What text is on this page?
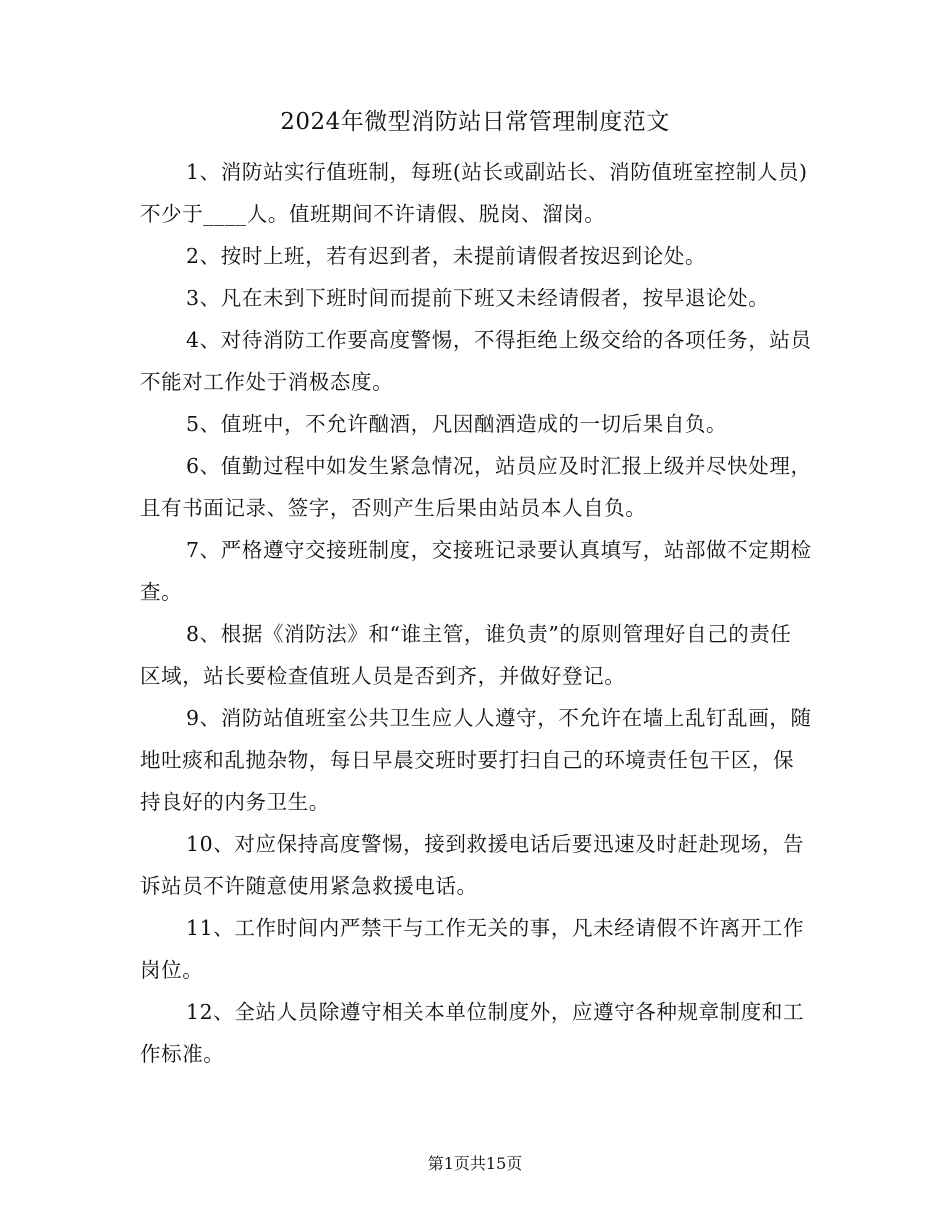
2024年微型消防站日常管理制度范文

1、消防站实行值班制，每班(站长或副站长、消防值班室控制人员)不少于____人。值班期间不许请假、脱岗、溜岗。

2、按时上班，若有迟到者，未提前请假者按迟到论处。

3、凡在未到下班时间而提前下班又未经请假者，按早退论处。

4、对待消防工作要高度警惕，不得拒绝上级交给的各项任务，站员不能对工作处于消极态度。

5、值班中，不允许酗酒，凡因酗酒造成的一切后果自负。

6、值勤过程中如发生紧急情况，站员应及时汇报上级并尽快处理，且有书面记录、签字，否则产生后果由站员本人自负。

7、严格遵守交接班制度，交接班记录要认真填写，站部做不定期检查。

8、根据《消防法》和“谁主管，谁负责”的原则管理好自己的责任区域，站长要检查值班人员是否到齐，并做好登记。

9、消防站值班室公共卫生应人人遵守，不允许在墙上乱钉乱画，随地吐痰和乱抛杂物，每日早晨交班时要打扫自己的环境责任包干区，保持良好的内务卫生。

10、对应保持高度警惕，接到救援电话后要迅速及时赶赴现场，告诉站员不许随意使用紧急救援电话。

11、工作时间内严禁干与工作无关的事，凡未经请假不许离开工作岗位。

12、全站人员除遵守相关本单位制度外，应遵守各种规章制度和工作标准。

第1页共15页
